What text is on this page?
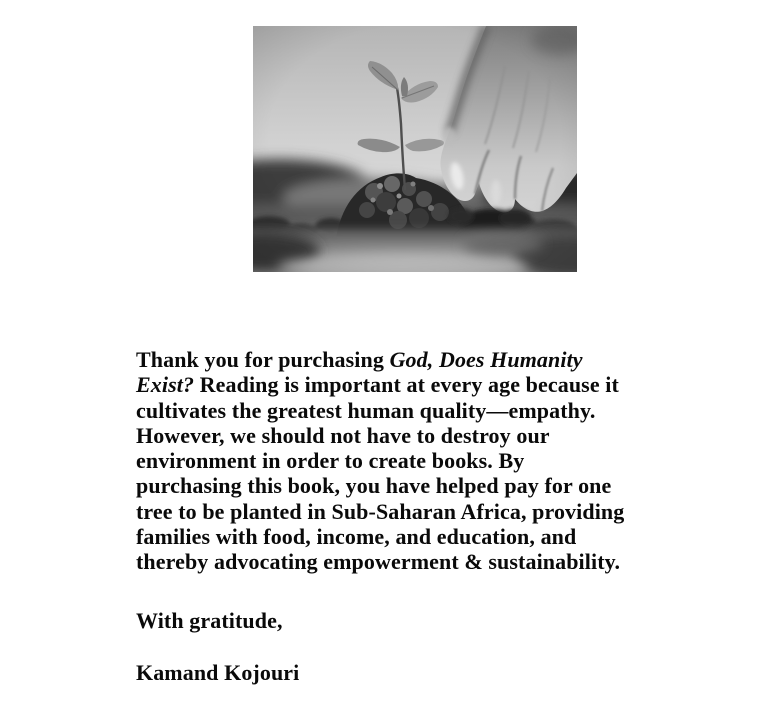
Thank you for purchasing God, Does Humanity
Exist? Reading is important at every age because it
cultivates the greatest human quality—empathy.
However, we should not have to destroy our
environment in order to create books. By
purchasing this book, you have helped pay for one
tree to be planted in Sub-Saharan Africa, providing
families with food, income, and education, and
thereby advocating empowerment & sustainability.
With gratitude,
Kamand Kojouri
